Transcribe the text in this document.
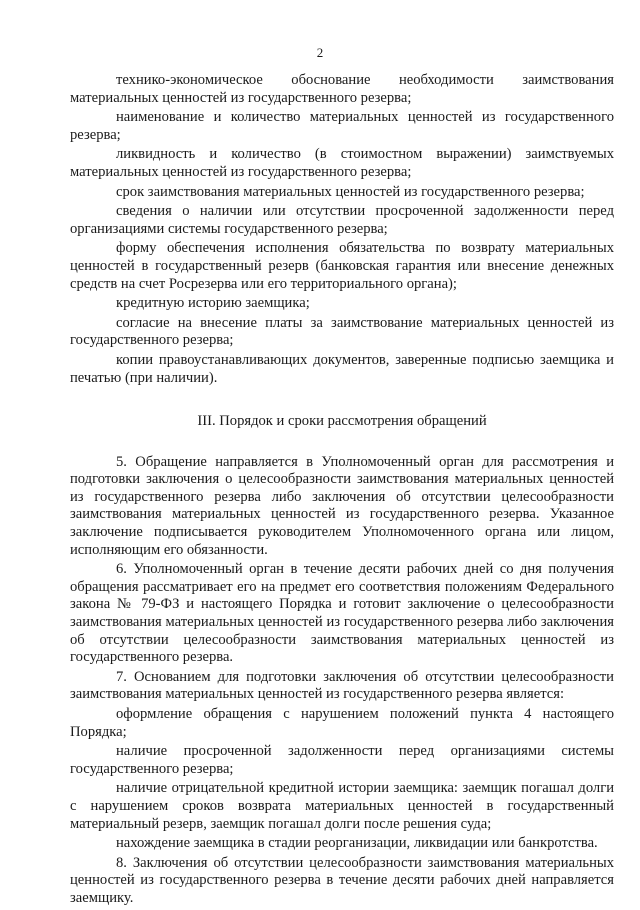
2

технико-экономическое обоснование необходимости заимствования материальных ценностей из государственного резерва;

наименование и количество материальных ценностей из государственного резерва;

ликвидность и количество (в стоимостном выражении) заимствуемых материальных ценностей из государственного резерва;

срок заимствования материальных ценностей из государственного резерва;

сведения о наличии или отсутствии просроченной задолженности перед организациями системы государственного резерва;

форму обеспечения исполнения обязательства по возврату материальных ценностей в государственный резерв (банковская гарантия или внесение денежных средств на счет Росрезерва или его территориального органа);

кредитную историю заемщика;

согласие на внесение платы за заимствование материальных ценностей из государственного резерва;

копии правоустанавливающих документов, заверенные подписью заемщика и печатью (при наличии).

III. Порядок и сроки рассмотрения обращений

5. Обращение направляется в Уполномоченный орган для рассмотрения и подготовки заключения о целесообразности заимствования материальных ценностей из государственного резерва либо заключения об отсутствии целесообразности заимствования материальных ценностей из государственного резерва. Указанное заключение подписывается руководителем Уполномоченного органа или лицом, исполняющим его обязанности.

6. Уполномоченный орган в течение десяти рабочих дней со дня получения обращения рассматривает его на предмет его соответствия положениям Федерального закона № 79-ФЗ и настоящего Порядка и готовит заключение о целесообразности заимствования материальных ценностей из государственного резерва либо заключения об отсутствии целесообразности заимствования материальных ценностей из государственного резерва.

7. Основанием для подготовки заключения об отсутствии целесообразности заимствования материальных ценностей из государственного резерва является:

оформление обращения с нарушением положений пункта 4 настоящего Порядка;

наличие просроченной задолженности перед организациями системы государственного резерва;

наличие отрицательной кредитной истории заемщика: заемщик погашал долги с нарушением сроков возврата материальных ценностей в государственный материальный резерв, заемщик погашал долги после решения суда;

нахождение заемщика в стадии реорганизации, ликвидации или банкротства.

8. Заключения об отсутствии целесообразности заимствования материальных ценностей из государственного резерва в течение десяти рабочих дней направляется заемщику.
